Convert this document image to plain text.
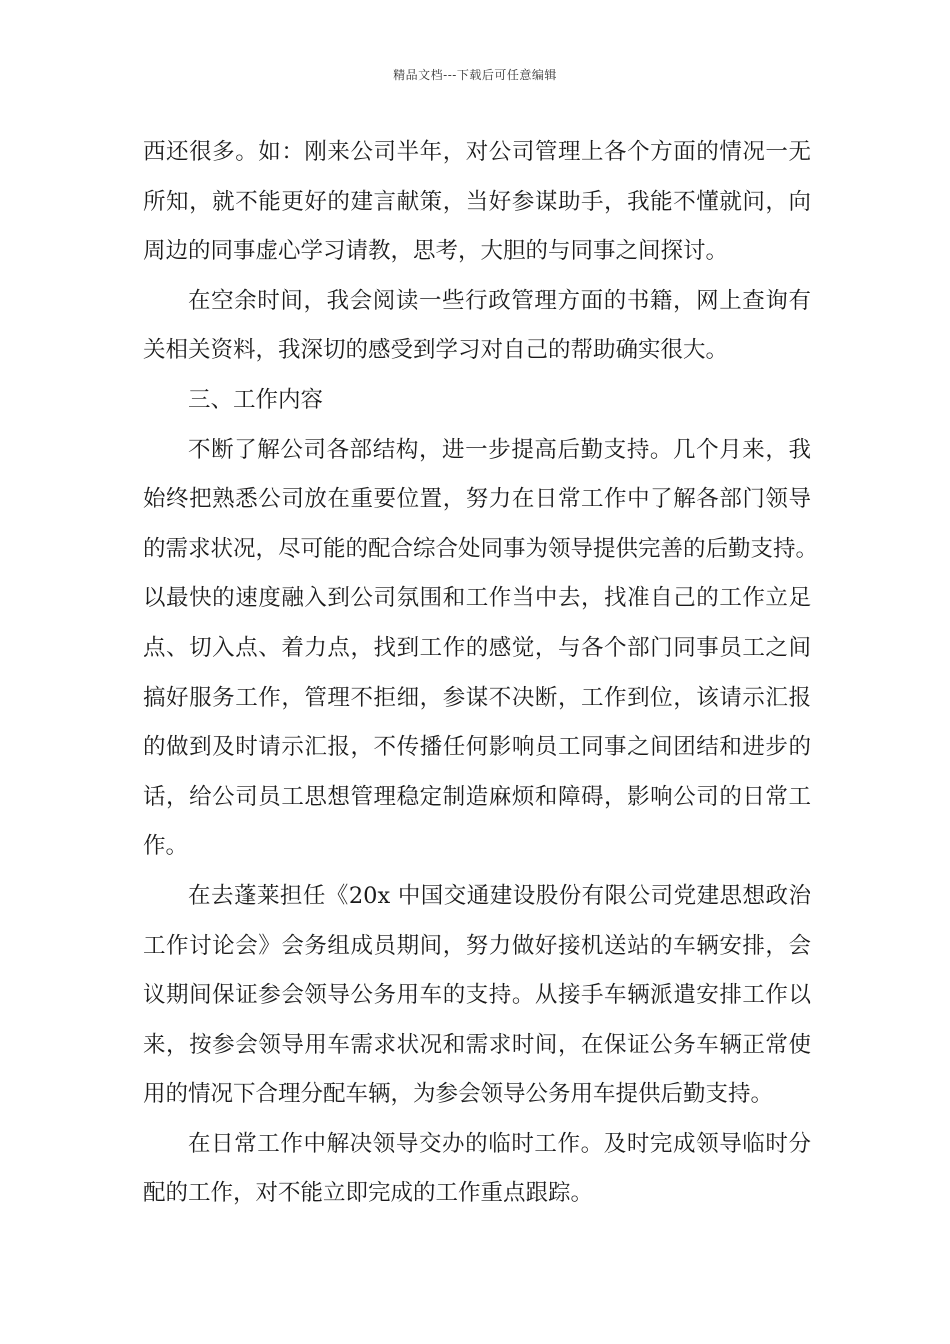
精品文档---下载后可任意编辑
西还很多。如：刚来公司半年，对公司管理上各个方面的情况一无
所知，就不能更好的建言献策，当好参谋助手，我能不懂就问，向
周边的同事虚心学习请教，思考，大胆的与同事之间探讨。
在空余时间，我会阅读一些行政管理方面的书籍，网上查询有
关相关资料，我深切的感受到学习对自己的帮助确实很大。
三、工作内容
不断了解公司各部结构，进一步提高后勤支持。几个月来，我
始终把熟悉公司放在重要位置，努力在日常工作中了解各部门领导
的需求状况，尽可能的配合综合处同事为领导提供完善的后勤支持。
以最快的速度融入到公司氛围和工作当中去，找准自己的工作立足
点、切入点、着力点，找到工作的感觉，与各个部门同事员工之间
搞好服务工作，管理不拒细，参谋不决断，工作到位，该请示汇报
的做到及时请示汇报，不传播任何影响员工同事之间团结和进步的
话，给公司员工思想管理稳定制造麻烦和障碍，影响公司的日常工
作。
在去蓬莱担任《20x 中国交通建设股份有限公司党建思想政治
工作讨论会》会务组成员期间，努力做好接机送站的车辆安排，会
议期间保证参会领导公务用车的支持。从接手车辆派遣安排工作以
来，按参会领导用车需求状况和需求时间，在保证公务车辆正常使
用的情况下合理分配车辆，为参会领导公务用车提供后勤支持。
在日常工作中解决领导交办的临时工作。及时完成领导临时分
配的工作，对不能立即完成的工作重点跟踪。
